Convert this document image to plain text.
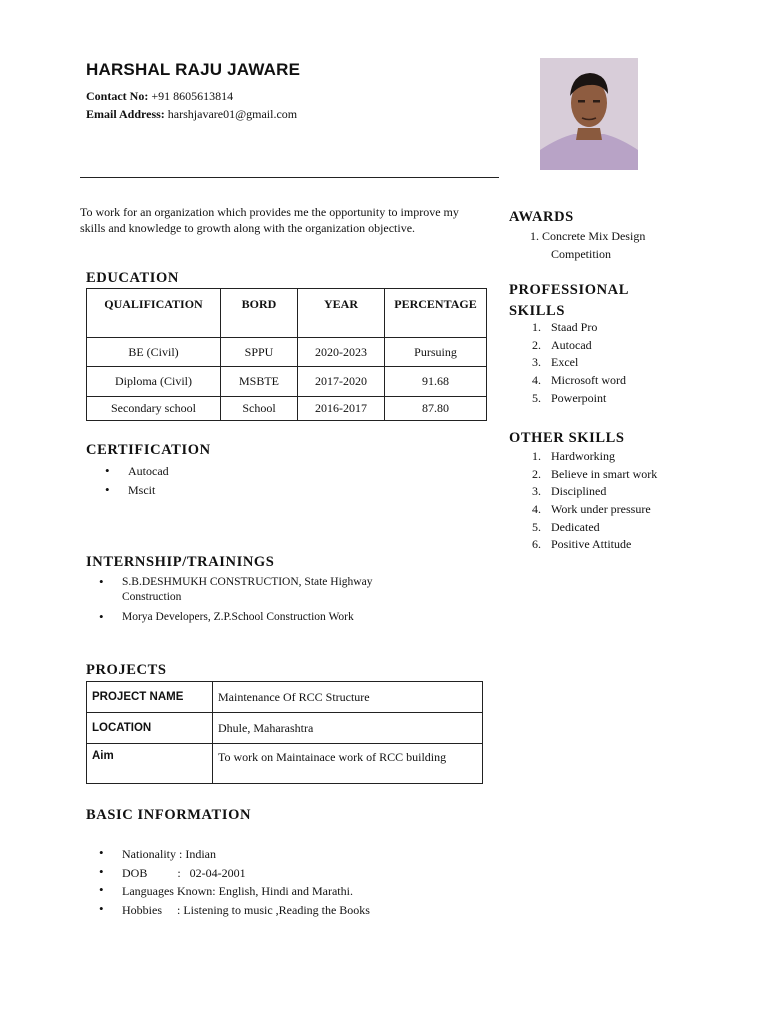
HARSHAL RAJU JAWARE
Contact No: +91 8605613814
Email Address: harshjavare01@gmail.com
To work for an organization which provides me the opportunity to improve my skills and knowledge to growth along with the organization objective.
EDUCATION
QUALIFICATION	BORD	YEAR	PERCENTAGE
BE (Civil)	SPPU	2020-2023	Pursuing
Diploma (Civil)	MSBTE	2017-2020	91.68
Secondary school	School	2016-2017	87.80
CERTIFICATION
• Autocad
• Mscit
INTERNSHIP/TRAININGS
• S.B.DESHMUKH CONSTRUCTION, State Highway
Construction
• Morya Developers, Z.P.School Construction Work
PROJECTS
PROJECT NAME	Maintenance Of RCC Structure
LOCATION	Dhule, Maharashtra
Aim	To work on Maintainace work of RCC building
BASIC INFORMATION
• Nationality : Indian
• DOB          :   02-04-2001
• Languages Known: English, Hindi and Marathi.
• Hobbies     : Listening to music ,Reading the Books
AWARDS
1. Concrete Mix Design
Competition
PROFESSIONAL
SKILLS
1. Staad Pro
2. Autocad
3. Excel
4. Microsoft word
5. Powerpoint
OTHER SKILLS
1. Hardworking
2. Believe in smart work
3. Disciplined
4. Work under pressure
5. Dedicated
6. Positive Attitude
